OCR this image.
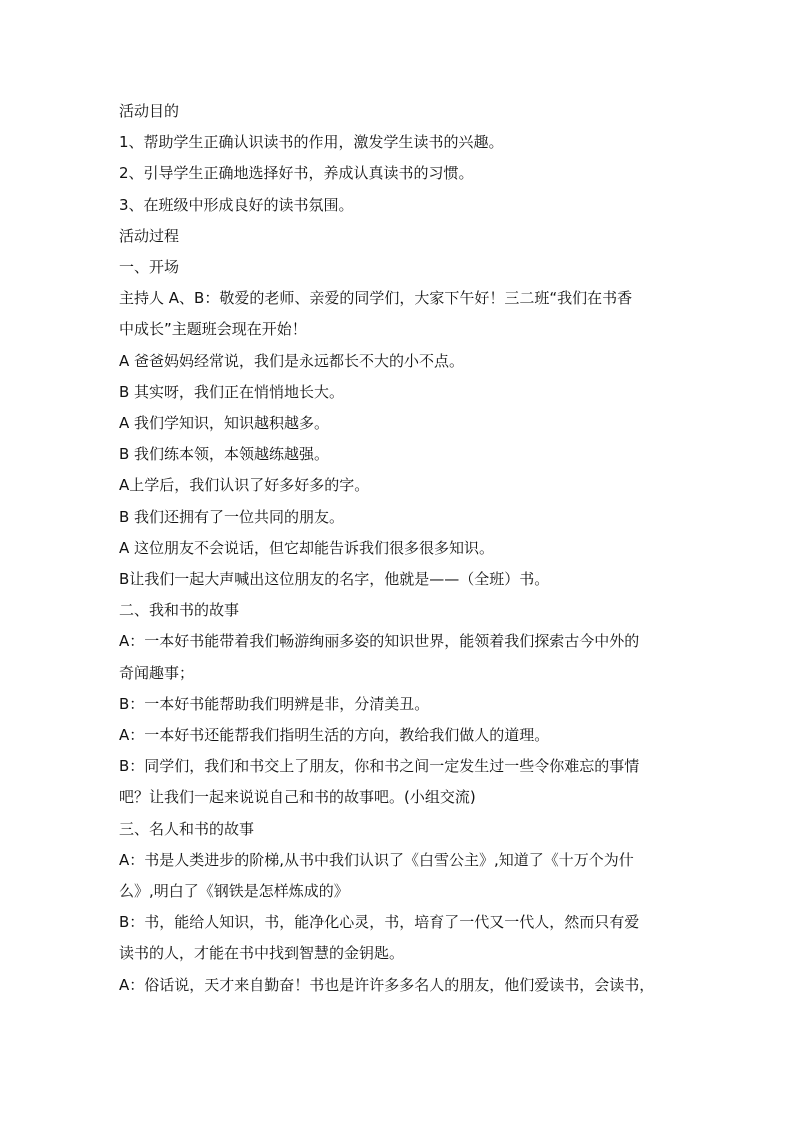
活动目的
1、帮助学生正确认识读书的作用，激发学生读书的兴趣。
2、引导学生正确地选择好书，养成认真读书的习惯。
3、在班级中形成良好的读书氛围。
活动过程
一、开场
主持人 A、B：敬爱的老师、亲爱的同学们，大家下午好！三二班“我们在书香
中成长”主题班会现在开始！
A 爸爸妈妈经常说，我们是永远都长不大的小不点。
B 其实呀，我们正在悄悄地长大。
A 我们学知识，知识越积越多。
B 我们练本领，本领越练越强。
A上学后，我们认识了好多好多的字。
B 我们还拥有了一位共同的朋友。
A 这位朋友不会说话，但它却能告诉我们很多很多知识。
B让我们一起大声喊出这位朋友的名字，他就是——（全班）书。
二、我和书的故事
A：一本好书能带着我们畅游绚丽多姿的知识世界，能领着我们探索古今中外的
奇闻趣事；
B：一本好书能帮助我们明辨是非，分清美丑。
A：一本好书还能帮我们指明生活的方向，教给我们做人的道理。
B：同学们，我们和书交上了朋友，你和书之间一定发生过一些令你难忘的事情
吧？让我们一起来说说自己和书的故事吧。(小组交流)
三、名人和书的故事
A：书是人类进步的阶梯,从书中我们认识了《白雪公主》,知道了《十万个为什
么》,明白了《钢铁是怎样炼成的》
B：书，能给人知识，书，能净化心灵，书，培育了一代又一代人，然而只有爱
读书的人，才能在书中找到智慧的金钥匙。
A：俗话说，天才来自勤奋！书也是许许多多名人的朋友，他们爱读书，会读书，
